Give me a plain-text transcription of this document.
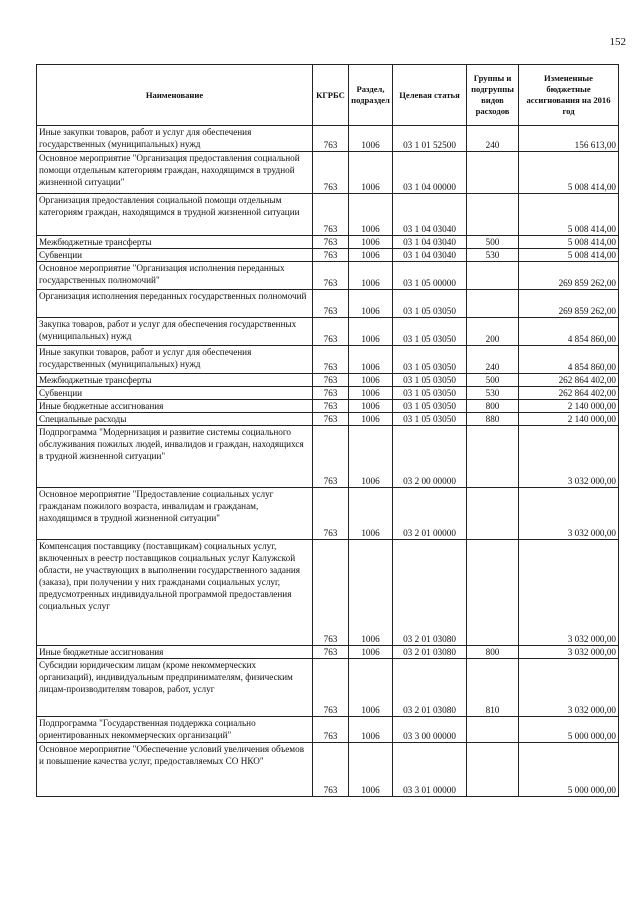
152
Наименование	КГРБС	Раздел, подраздел	Целевая статья	Группы и подгруппы видов расходов	Измененные бюджетные ассигнования на 2016 год
Иные закупки товаров, работ и услуг для обеспечения государственных (муниципальных) нужд	763	1006	03 1 01 52500	240	156 613,00
Основное мероприятие "Организация предоставления социальной помощи отдельным категориям граждан, находящимся в трудной жизненной ситуации"	763	1006	03 1 04 00000		5 008 414,00
Организация предоставления социальной помощи отдельным категориям граждан, находящимся в трудной жизненной ситуации	763	1006	03 1 04 03040		5 008 414,00
Межбюджетные трансферты	763	1006	03 1 04 03040	500	5 008 414,00
Субвенции	763	1006	03 1 04 03040	530	5 008 414,00
Основное мероприятие "Организация исполнения переданных государственных полномочий"	763	1006	03 1 05 00000		269 859 262,00
Организация исполнения переданных государственных полномочий	763	1006	03 1 05 03050		269 859 262,00
Закупка товаров, работ и услуг для обеспечения государственных (муниципальных) нужд	763	1006	03 1 05 03050	200	4 854 860,00
Иные закупки товаров, работ и услуг для обеспечения государственных (муниципальных) нужд	763	1006	03 1 05 03050	240	4 854 860,00
Межбюджетные трансферты	763	1006	03 1 05 03050	500	262 864 402,00
Субвенции	763	1006	03 1 05 03050	530	262 864 402,00
Иные бюджетные ассигнования	763	1006	03 1 05 03050	800	2 140 000,00
Специальные расходы	763	1006	03 1 05 03050	880	2 140 000,00
Подпрограмма "Модернизация и развитие системы социального обслуживания пожилых людей, инвалидов и граждан, находящихся в трудной жизненной ситуации"	763	1006	03 2 00 00000		3 032 000,00
Основное мероприятие "Предоставление социальных услуг гражданам пожилого возраста, инвалидам и гражданам, находящимся в трудной жизненной ситуации"	763	1006	03 2 01 00000		3 032 000,00
Компенсация поставщику (поставщикам) социальных услуг, включенных в реестр поставщиков социальных услуг Калужской области, не участвующих в выполнении государственного задания (заказа), при получении у них гражданами социальных услуг, предусмотренных индивидуальной программой предоставления социальных услуг	763	1006	03 2 01 03080		3 032 000,00
Иные бюджетные ассигнования	763	1006	03 2 01 03080	800	3 032 000,00
Субсидии юридическим лицам (кроме некоммерческих организаций), индивидуальным предпринимателям, физическим лицам-производителям товаров, работ, услуг	763	1006	03 2 01 03080	810	3 032 000,00
Подпрограмма "Государственная поддержка социально ориентированных некоммерческих организаций"	763	1006	03 3 00 00000		5 000 000,00
Основное мероприятие "Обеспечение условий увеличения объемов и повышение качества услуг, предоставляемых СО НКО"	763	1006	03 3 01 00000		5 000 000,00
